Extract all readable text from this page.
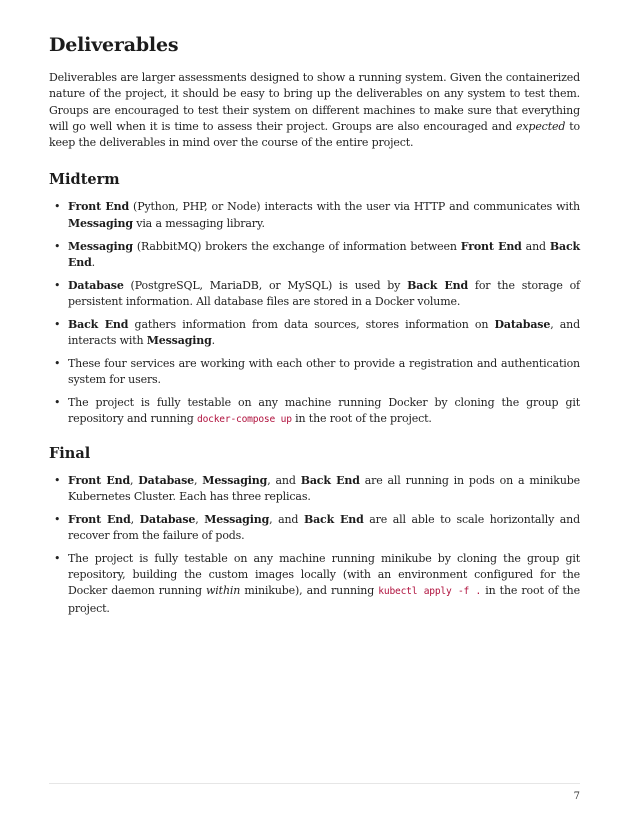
Deliverables

Deliverables are larger assessments designed to show a running system. Given the containerized nature of the project, it should be easy to bring up the deliverables on any system to test them. Groups are encouraged to test their system on different machines to make sure that everything will go well when it is time to assess their project. Groups are also encouraged and expected to keep the deliverables in mind over the course of the entire project.

Midterm
• Front End (Python, PHP, or Node) interacts with the user via HTTP and communicates with Messaging via a messaging library.
• Messaging (RabbitMQ) brokers the exchange of information between Front End and Back End.
• Database (PostgreSQL, MariaDB, or MySQL) is used by Back End for the storage of persistent information. All database files are stored in a Docker volume.
• Back End gathers information from data sources, stores information on Database, and interacts with Messaging.
• These four services are working with each other to provide a registration and authentication system for users.
• The project is fully testable on any machine running Docker by cloning the group git repository and running docker-compose up in the root of the project.
Final
• Front End, Database, Messaging, and Back End are all running in pods on a minikube Kubernetes Cluster. Each has three replicas.
• Front End, Database, Messaging, and Back End are all able to scale horizontally and recover from the failure of pods.
• The project is fully testable on any machine running minikube by cloning the group git repository, building the custom images locally (with an environment configured for the Docker daemon running within minikube), and running kubectl apply -f . in the root of the project.
7
